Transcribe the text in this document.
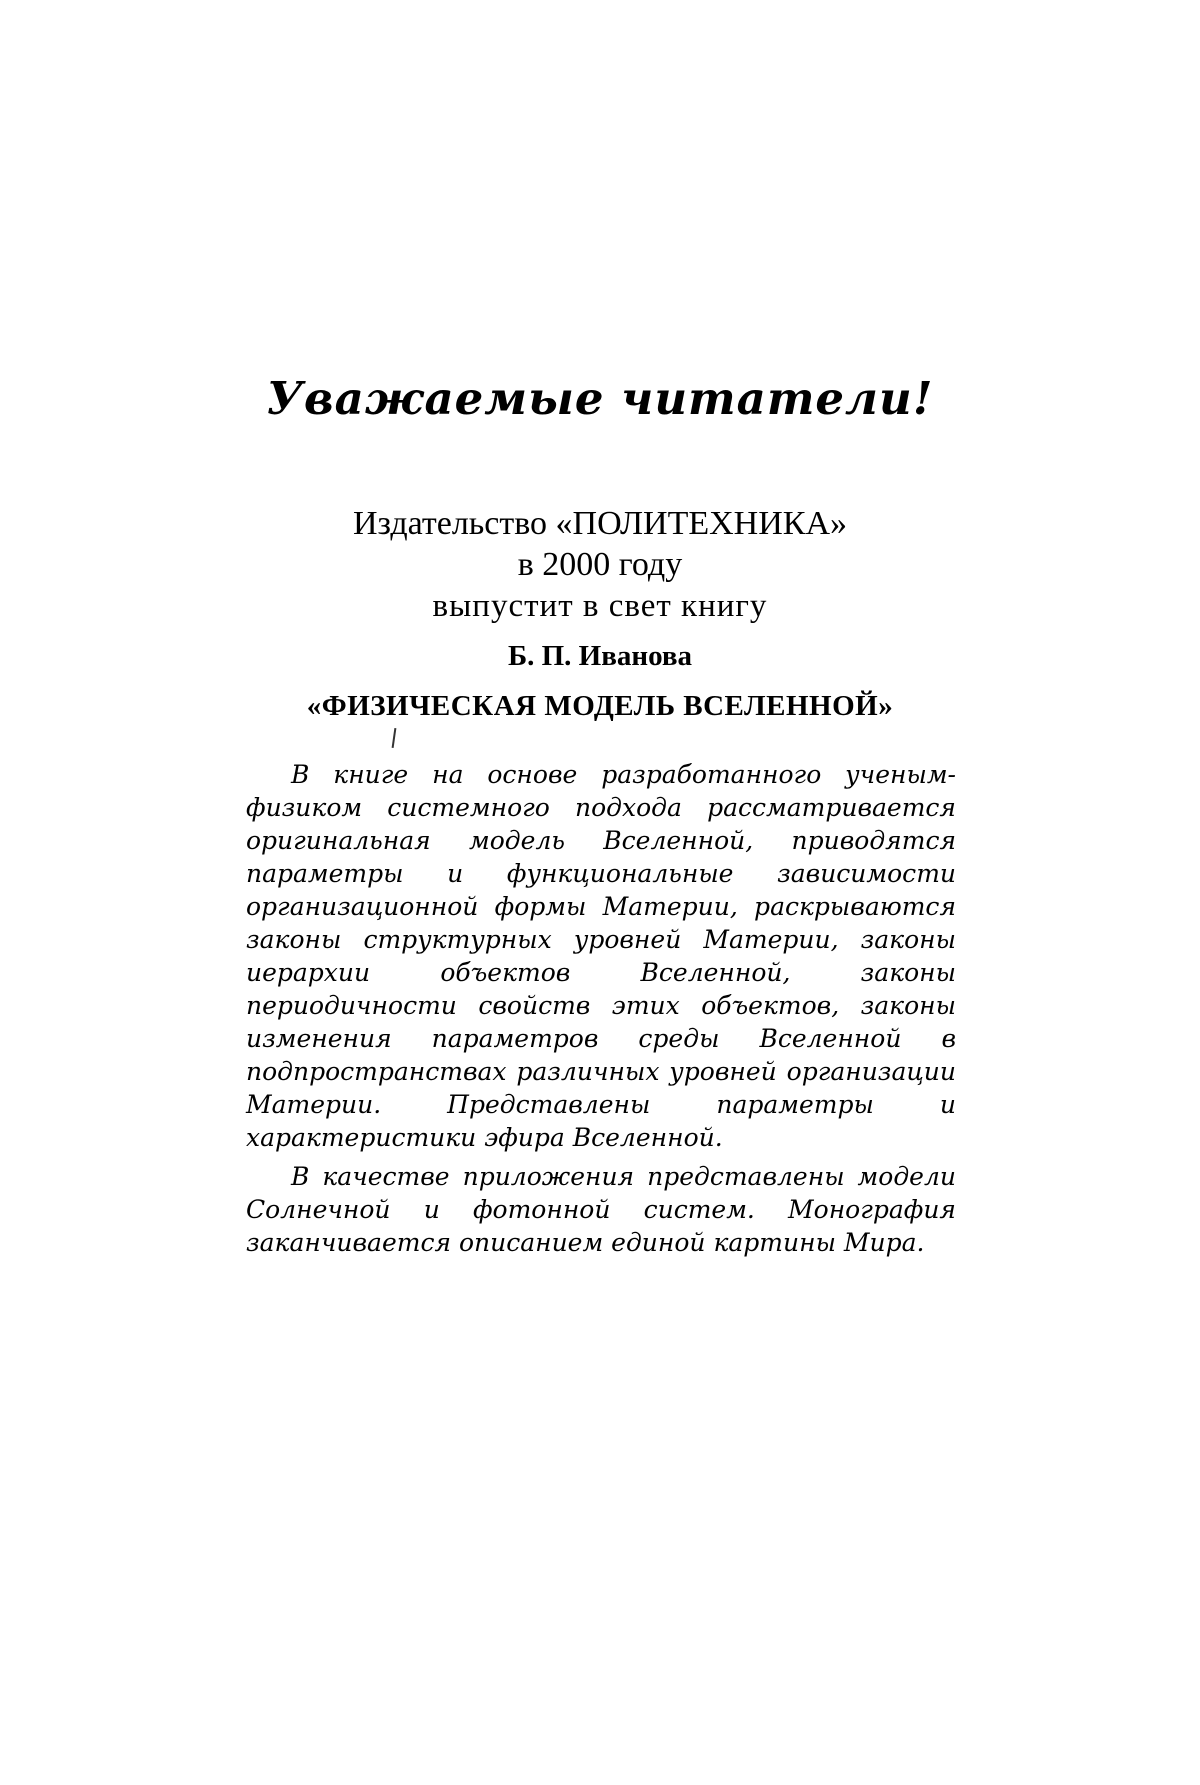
Уважаемые читатели!
Издательство «ПОЛИТЕХНИКА»
в 2000 году
выпустит в свет книгу
Б. П. Иванова
«ФИЗИЧЕСКАЯ МОДЕЛЬ ВСЕЛЕННОЙ»

В книге на основе разработанного ученым-физиком системного подхода рассматривается оригинальная модель Вселенной, приводятся параметры и функциональные зависимости организационной формы Материи, раскрываются законы структурных уровней Материи, законы иерархии объектов Вселенной, законы периодичности свойств этих объектов, законы изменения параметров среды Вселенной в подпространствах различных уровней организации Материи. Представлены параметры и характеристики эфира Вселенной.

В качестве приложения представлены модели Солнечной и фотонной систем. Монография заканчивается описанием единой картины Мира.
